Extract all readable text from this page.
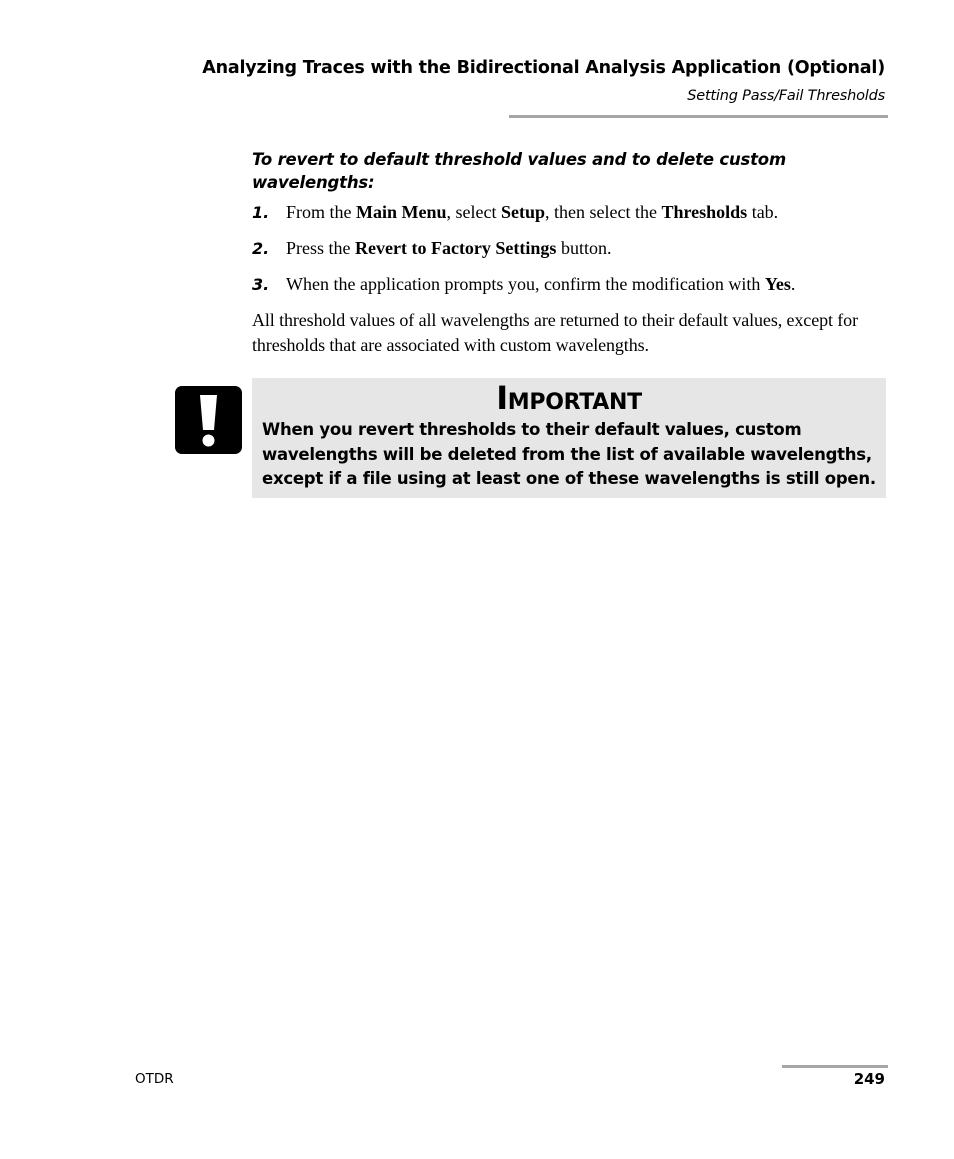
Analyzing Traces with the Bidirectional Analysis Application (Optional)
Setting Pass/Fail Thresholds
To revert to default threshold values and to delete custom wavelengths:
1. From the Main Menu, select Setup, then select the Thresholds tab.
2. Press the Revert to Factory Settings button.
3. When the application prompts you, confirm the modification with Yes.
All threshold values of all wavelengths are returned to their default values, except for thresholds that are associated with custom wavelengths.
Important
When you revert thresholds to their default values, custom wavelengths will be deleted from the list of available wavelengths, except if a file using at least one of these wavelengths is still open.
OTDR	249
